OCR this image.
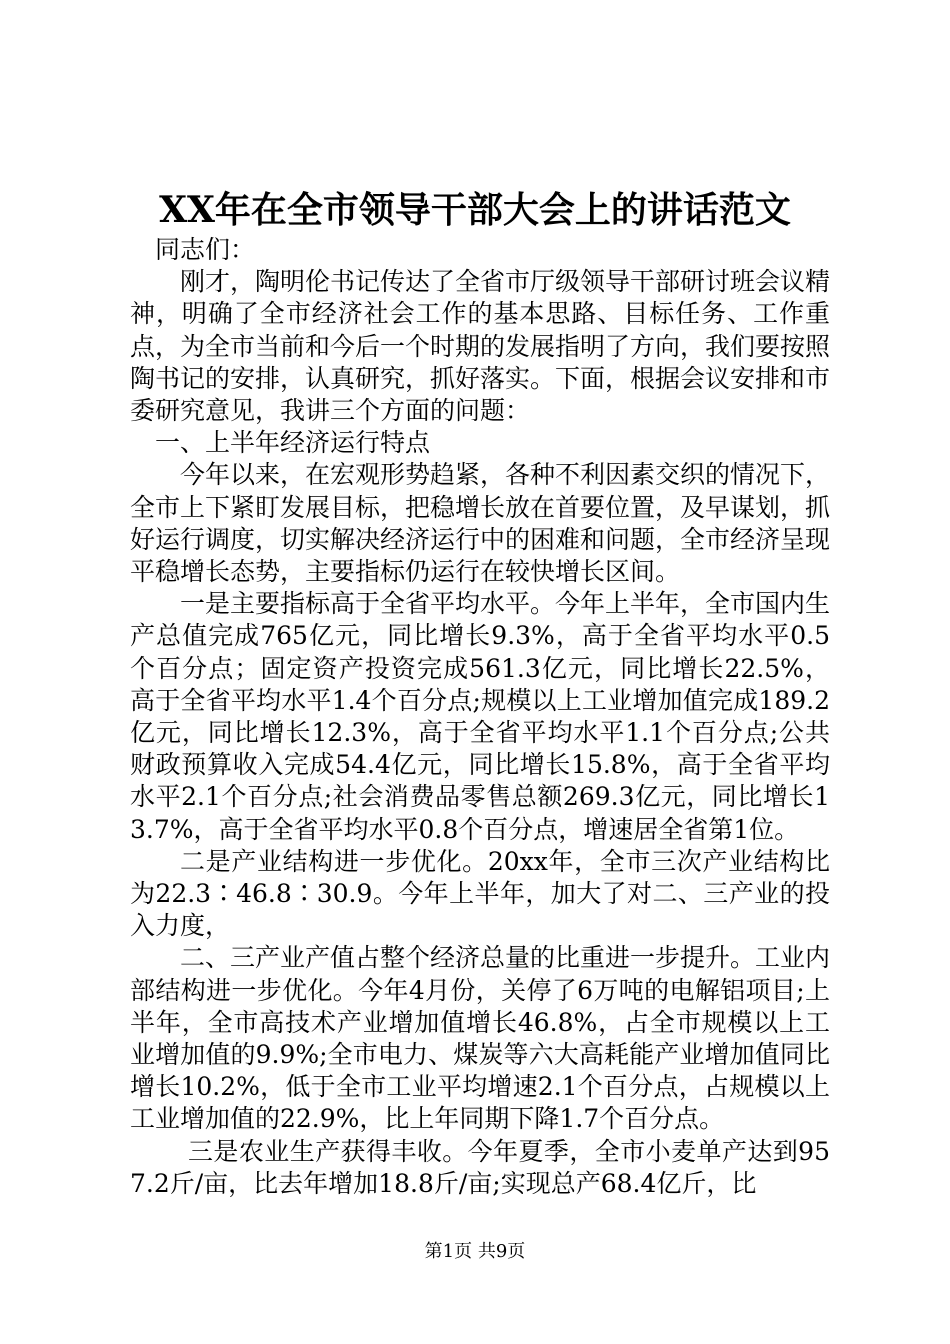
XX年在全市领导干部大会上的讲话范文

同志们：

刚才，陶明伦书记传达了全省市厅级领导干部研讨班会议精神，明确了全市经济社会工作的基本思路、目标任务、工作重点，为全市当前和今后一个时期的发展指明了方向，我们要按照陶书记的安排，认真研究，抓好落实。下面，根据会议安排和市委研究意见，我讲三个方面的问题：

一、上半年经济运行特点

今年以来，在宏观形势趋紧，各种不利因素交织的情况下，全市上下紧盯发展目标，把稳增长放在首要位置，及早谋划，抓好运行调度，切实解决经济运行中的困难和问题，全市经济呈现平稳增长态势，主要指标仍运行在较快增长区间。

一是主要指标高于全省平均水平。今年上半年，全市国内生产总值完成765亿元，同比增长9.3%，高于全省平均水平0.5个百分点；固定资产投资完成561.3亿元，同比增长22.5%，高于全省平均水平1.4个百分点;规模以上工业增加值完成189.2亿元，同比增长12.3%，高于全省平均水平1.1个百分点;公共财政预算收入完成54.4亿元，同比增长15.8%，高于全省平均水平2.1个百分点;社会消费品零售总额269.3亿元，同比增长13.7%，高于全省平均水平0.8个百分点，增速居全省第1位。

二是产业结构进一步优化。20xx年，全市三次产业结构比为22.3∶46.8∶30.9。今年上半年，加大了对二、三产业的投入力度，

二、三产业产值占整个经济总量的比重进一步提升。工业内部结构进一步优化。今年4月份，关停了6万吨的电解铝项目;上半年，全市高技术产业增加值增长46.8%，占全市规模以上工业增加值的9.9%;全市电力、煤炭等六大高耗能产业增加值同比增长10.2%，低于全市工业平均增速2.1个百分点，占规模以上工业增加值的22.9%，比上年同期下降1.7个百分点。

三是农业生产获得丰收。今年夏季，全市小麦单产达到957.2斤/亩，比去年增加18.8斤/亩;实现总产68.4亿斤，比

第1页 共9页
